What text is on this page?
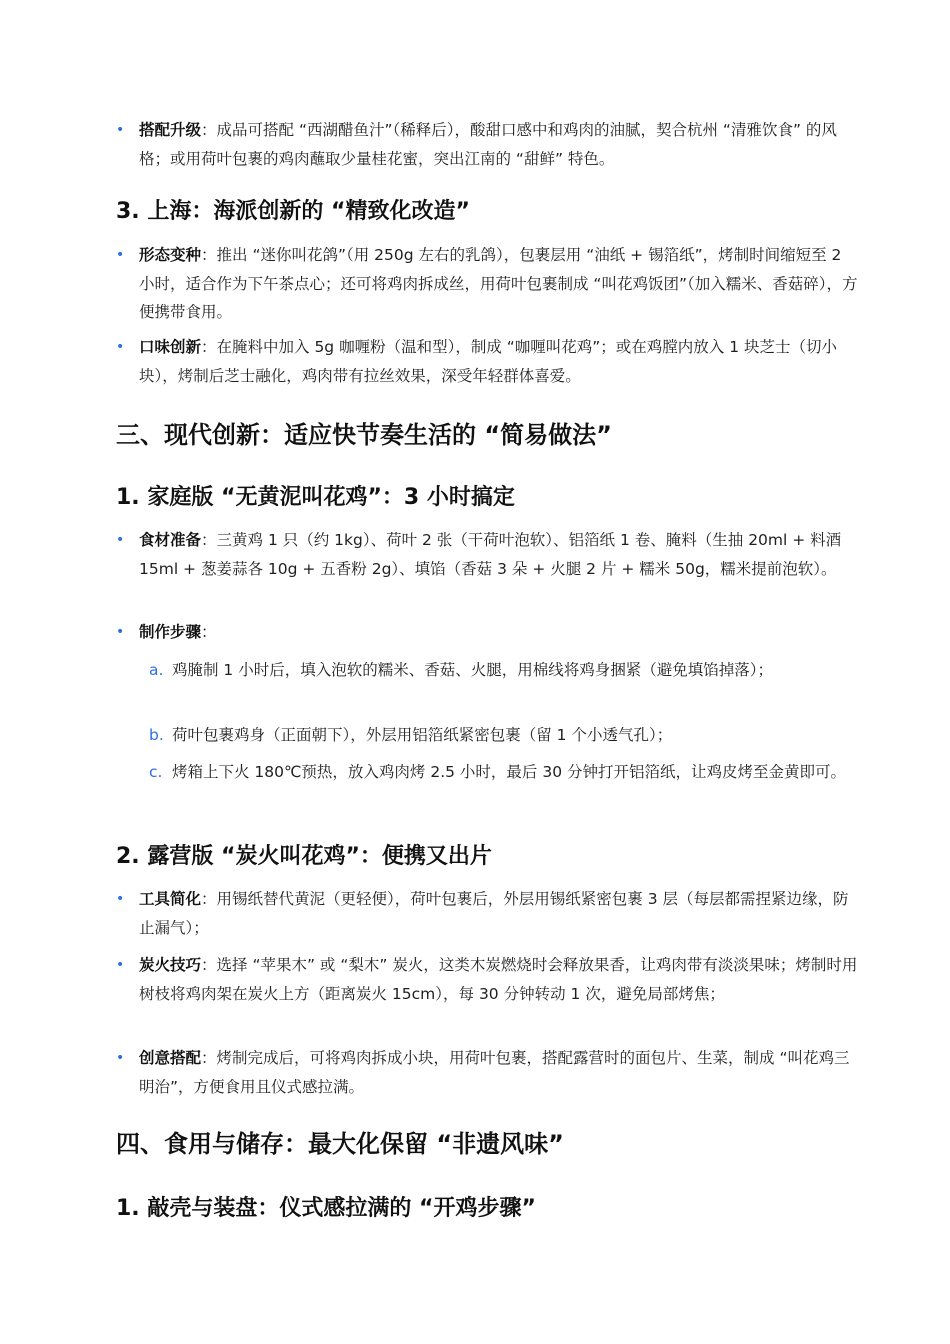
• 搭配升级：成品可搭配 “西湖醋鱼汁”（稀释后），酸甜口感中和鸡肉的油腻，契合杭州 “清雅饮食” 的风格；或用荷叶包裹的鸡肉蘸取少量桂花蜜，突出江南的 “甜鲜” 特色。
3. 上海：海派创新的 “精致化改造”
• 形态变种：推出 “迷你叫花鸽”（用 250g 左右的乳鸽），包裹层用 “油纸 + 锡箔纸”，烤制时间缩短至 2 小时，适合作为下午茶点心；还可将鸡肉拆成丝，用荷叶包裹制成 “叫花鸡饭团”（加入糯米、香菇碎），方便携带食用。
• 口味创新：在腌料中加入 5g 咖喱粉（温和型），制成 “咖喱叫花鸡”；或在鸡膛内放入 1 块芝士（切小块），烤制后芝士融化，鸡肉带有拉丝效果，深受年轻群体喜爱。
三、现代创新：适应快节奏生活的 “简易做法”
1. 家庭版 “无黄泥叫花鸡”：3 小时搞定
• 食材准备：三黄鸡 1 只（约 1kg）、荷叶 2 张（干荷叶泡软）、铝箔纸 1 卷、腌料（生抽 20ml + 料酒 15ml + 葱姜蒜各 10g + 五香粉 2g）、填馅（香菇 3 朵 + 火腿 2 片 + 糯米 50g，糯米提前泡软）。
• 制作步骤：
a. 鸡腌制 1 小时后，填入泡软的糯米、香菇、火腿，用棉线将鸡身捆紧（避免填馅掉落）；
b. 荷叶包裹鸡身（正面朝下），外层用铝箔纸紧密包裹（留 1 个小透气孔）；
c. 烤箱上下火 180℃预热，放入鸡肉烤 2.5 小时，最后 30 分钟打开铝箔纸，让鸡皮烤至金黄即可。
2. 露营版 “炭火叫花鸡”：便携又出片
• 工具简化：用锡纸替代黄泥（更轻便），荷叶包裹后，外层用锡纸紧密包裹 3 层（每层都需捏紧边缘，防止漏气）；
• 炭火技巧：选择 “苹果木” 或 “梨木” 炭火，这类木炭燃烧时会释放果香，让鸡肉带有淡淡果味；烤制时用树枝将鸡肉架在炭火上方（距离炭火 15cm），每 30 分钟转动 1 次，避免局部烤焦；
• 创意搭配：烤制完成后，可将鸡肉拆成小块，用荷叶包裹，搭配露营时的面包片、生菜，制成 “叫花鸡三明治”，方便食用且仪式感拉满。
四、食用与储存：最大化保留 “非遗风味”
1. 敲壳与装盘：仪式感拉满的 “开鸡步骤”
